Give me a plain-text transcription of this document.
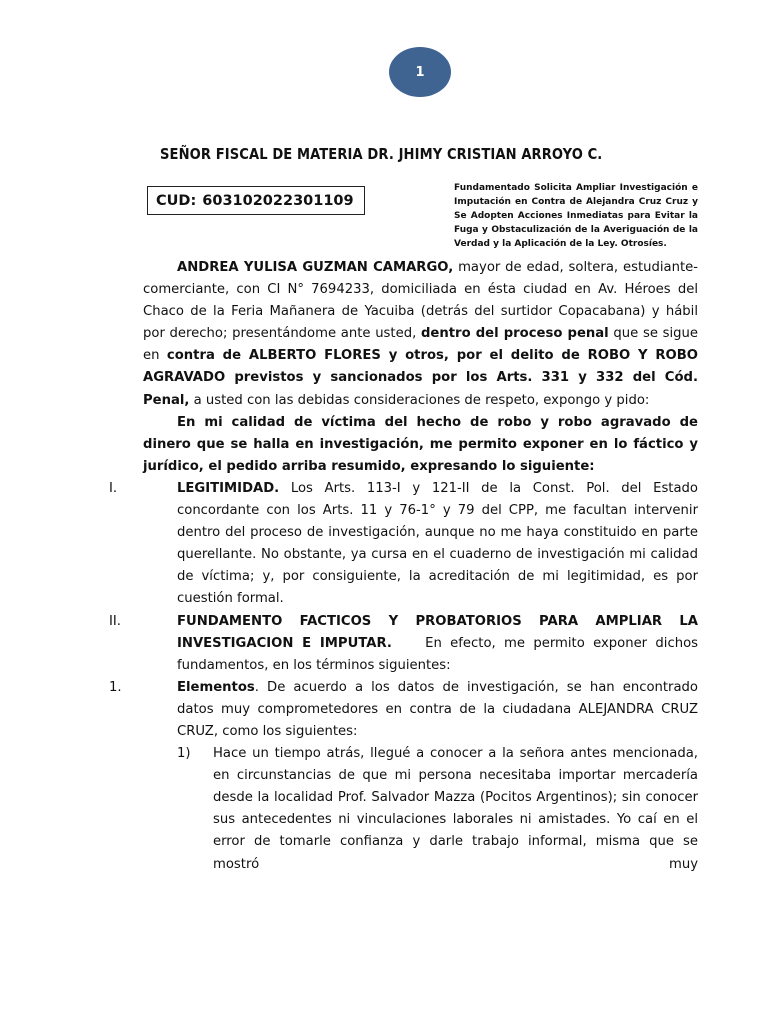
1
SEÑOR FISCAL DE MATERIA DR. JHIMY CRISTIAN ARROYO C.
CUD: 603102022301109
Fundamentado Solicita Ampliar Investigación e Imputación en Contra de Alejandra Cruz Cruz y Se Adopten Acciones Inmediatas para Evitar la Fuga y Obstaculización de la Averiguación de la Verdad y la Aplicación de la Ley. Otrosíes.

ANDREA YULISA GUZMAN CAMARGO, mayor de edad, soltera, estudiante-comerciante, con CI N° 7694233, domiciliada en ésta ciudad en Av. Héroes del Chaco de la Feria Mañanera de Yacuiba (detrás del surtidor Copacabana) y hábil por derecho; presentándome ante usted, dentro del proceso penal que se sigue en contra de ALBERTO FLORES y otros, por el delito de ROBO Y ROBO AGRAVADO previstos y sancionados por los Arts. 331 y 332 del Cód. Penal, a usted con las debidas consideraciones de respeto, expongo y pido:

En mi calidad de víctima del hecho de robo y robo agravado de dinero que se halla en investigación, me permito exponer en lo fáctico y jurídico, el pedido arriba resumido, expresando lo siguiente:

I.	LEGITIMIDAD. Los Arts. 113-I y 121-II de la Const. Pol. del Estado concordante con los Arts. 11 y 76-1° y 79 del CPP, me facultan intervenir dentro del proceso de investigación, aunque no me haya constituido en parte querellante. No obstante, ya cursa en el cuaderno de investigación mi calidad de víctima; y, por consiguiente, la acreditación de mi legitimidad, es por cuestión formal.
II.	FUNDAMENTO FACTICOS Y PROBATORIOS PARA AMPLIAR LA INVESTIGACION E IMPUTAR.    En efecto, me permito exponer dichos fundamentos, en los términos siguientes:
1.	Elementos. De acuerdo a los datos de investigación, se han encontrado datos muy comprometedores en contra de la ciudadana ALEJANDRA CRUZ CRUZ, como los siguientes:
1) Hace un tiempo atrás, llegué a conocer a la señora antes mencionada, en circunstancias de que mi persona necesitaba importar mercadería desde la localidad Prof. Salvador Mazza (Pocitos Argentinos); sin conocer sus antecedentes ni vinculaciones laborales ni amistades. Yo caí en el error de tomarle confianza y darle trabajo informal, misma que se mostró muy
